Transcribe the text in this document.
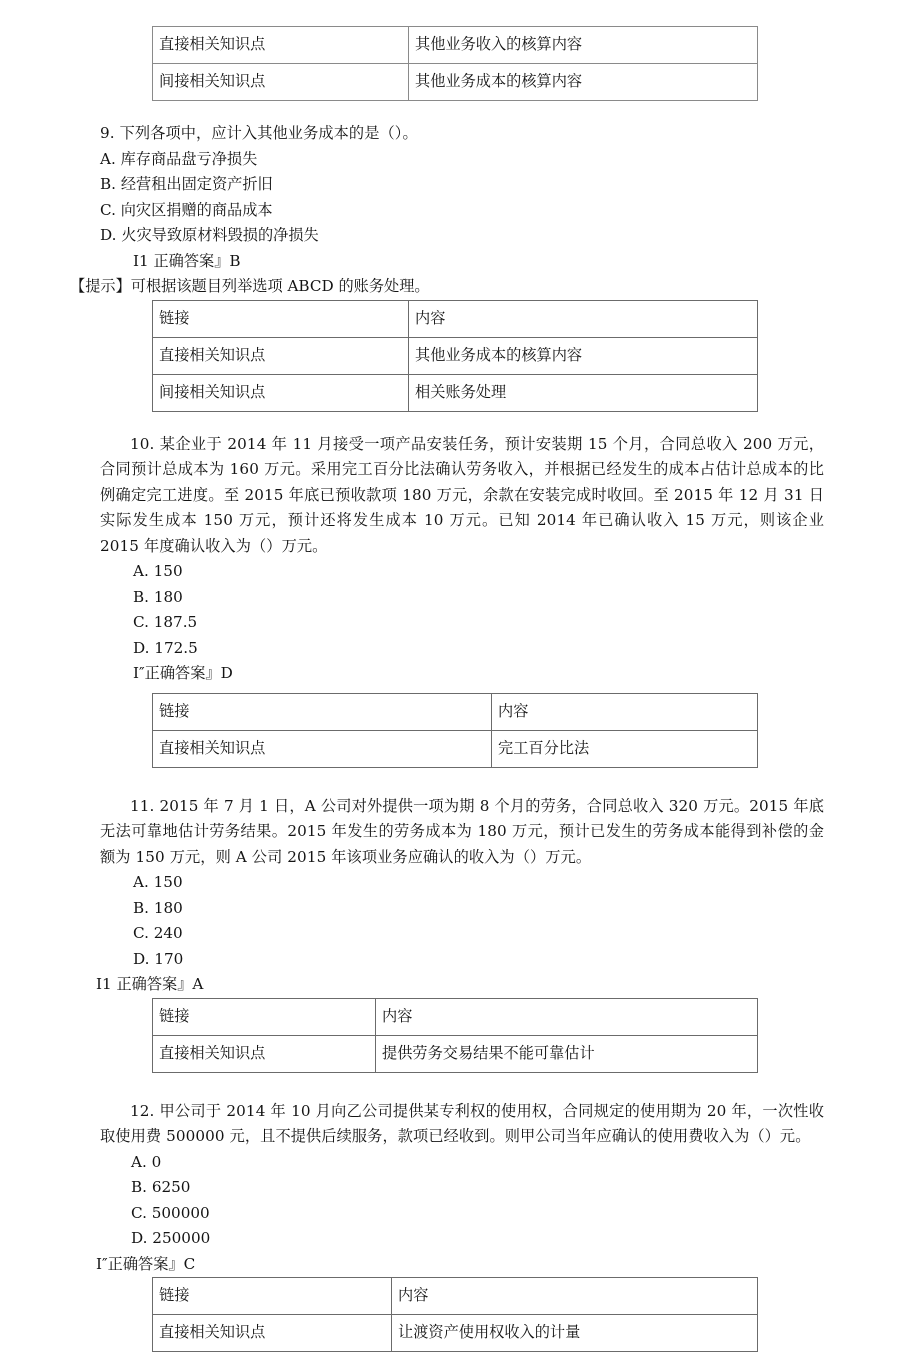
直接相关知识点	其他业务收入的核算内容
间接相关知识点	其他业务成本的核算内容

9. 下列各项中，应计入其他业务成本的是（）。

A. 库存商品盘亏净损失

B. 经营租出固定资产折旧

C. 向灾区捐赠的商品成本

D. 火灾导致原材料毁损的净损失

I1 正确答案』B

【提示】可根据该题目列举选项 ABCD 的账务处理。

链接	内容
直接相关知识点	其他业务成本的核算内容
间接相关知识点	相关账务处理

10. 某企业于 2014 年 11 月接受一项产品安装任务，预计安装期 15 个月，合同总收入 200 万元，合同预计总成本为 160 万元。采用完工百分比法确认劳务收入，并根据已经发生的成本占估计总成本的比例确定完工进度。至 2015 年底已预收款项 180 万元，余款在安装完成时收回。至 2015 年 12 月 31 日实际发生成本 150 万元，预计还将发生成本 10 万元。已知 2014 年已确认收入 15 万元，则该企业 2015 年度确认收入为（）万元。

A. 150

B. 180

C. 187.5

D. 172.5

I″正确答案』D

链接	内容
直接相关知识点	完工百分比法

11. 2015 年 7 月 1 日，A 公司对外提供一项为期 8 个月的劳务，合同总收入 320 万元。2015 年底无法可靠地估计劳务结果。2015 年发生的劳务成本为 180 万元，预计已发生的劳务成本能得到补偿的金额为 150 万元，则 A 公司 2015 年该项业务应确认的收入为（）万元。

A. 150

B. 180

C. 240

D. 170

I1 正确答案』A

链接	内容
直接相关知识点	提供劳务交易结果不能可靠估计

12. 甲公司于 2014 年 10 月向乙公司提供某专利权的使用权，合同规定的使用期为 20 年，一次性收取使用费 500000 元，且不提供后续服务，款项已经收到。则甲公司当年应确认的使用费收入为（）元。

A. 0

B. 6250

C. 500000

D. 250000

I″正确答案』C

链接	内容
直接相关知识点	让渡资产使用权收入的计量
